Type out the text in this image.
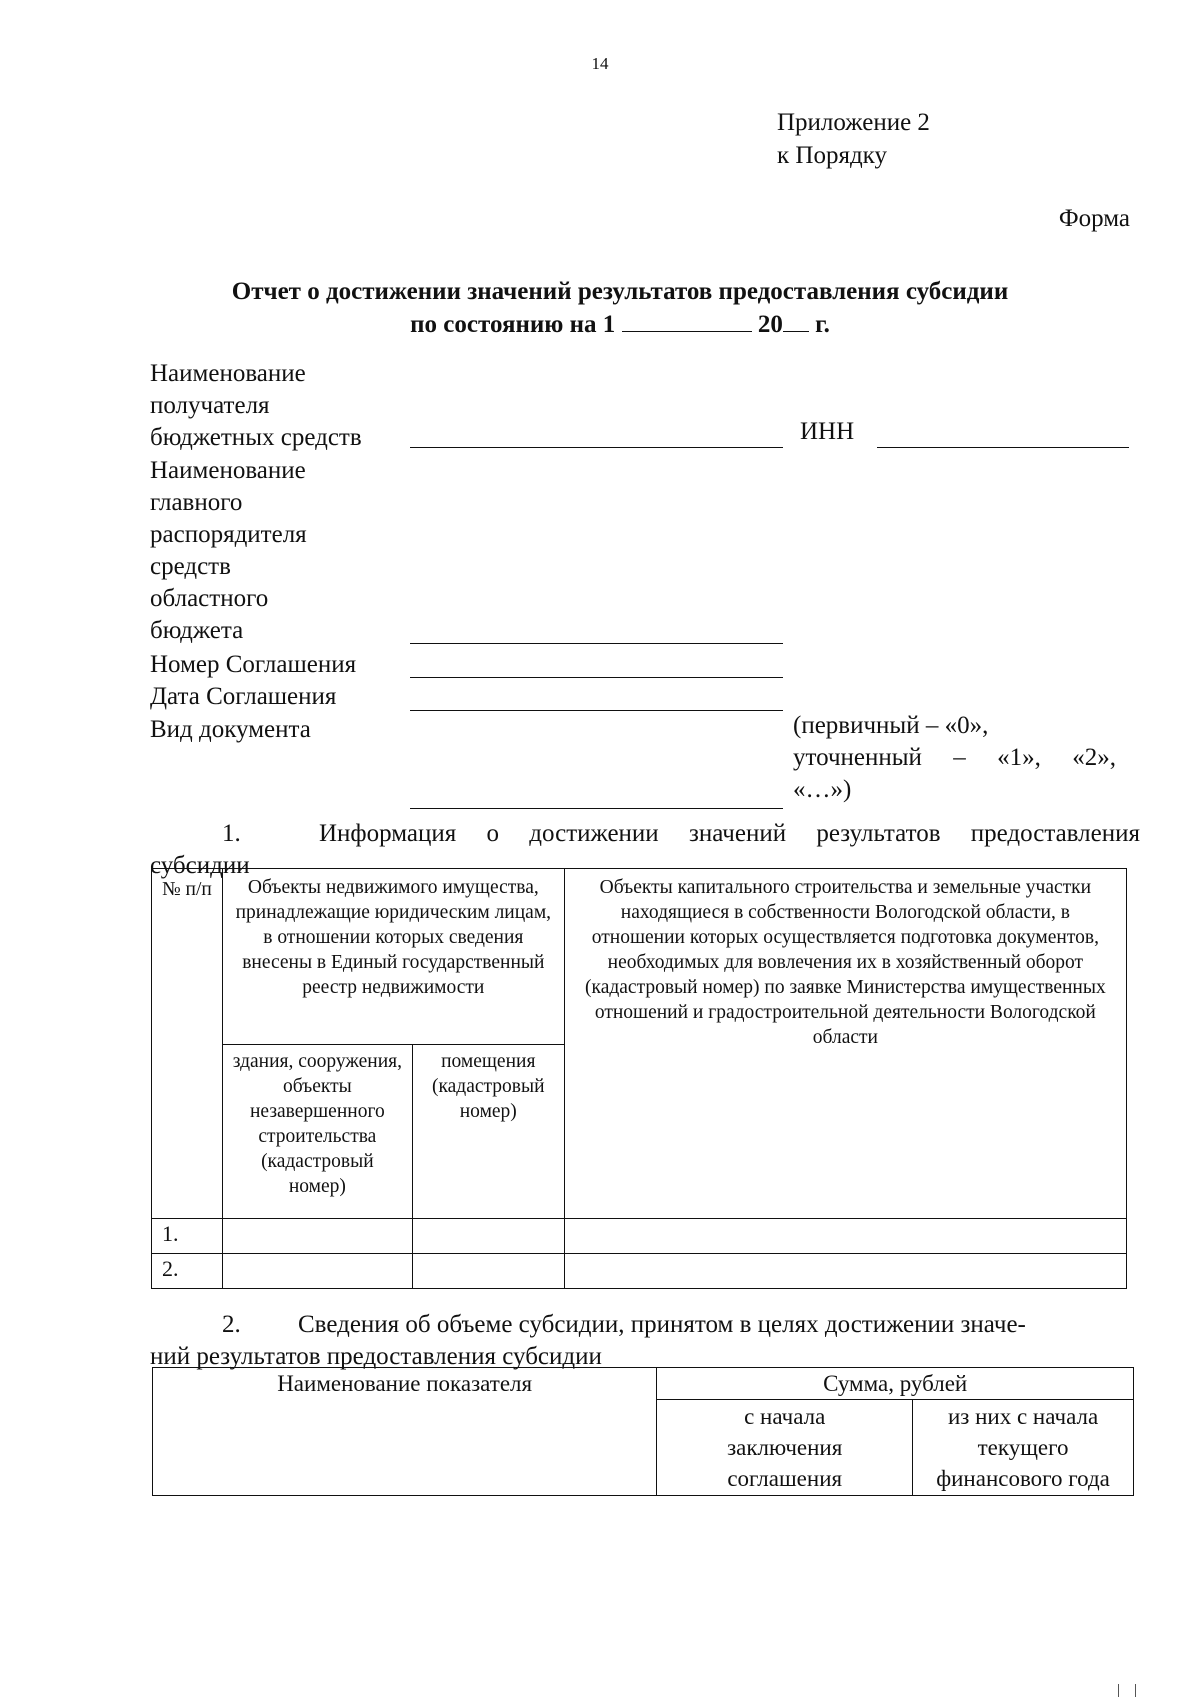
14
Приложение 2
к Порядку
Форма
Отчет о достижении значений результатов предоставления субсидии
по состоянию на 1	20 г.
Наименование
получателя
бюджетных средств	ИНН
Наименование
главного
распорядителя
средств
областного
бюджета
Номер Соглашения
Дата Соглашения
Вид документа	(первичный – «0»,
уточненный – «1», «2»,
«…»)
1.	Информация о достижении значений результатов предоставления
субсидии
№ п/п	Объекты недвижимого имущества, принадлежащие юридическим лицам, в отношении которых сведения внесены в Единый государственный реестр недвижимости		Объекты капитального строительства и земельные участки находящиеся в собственности Вологодской области, в отношении которых осуществляется подготовка документов, необходимых для вовлечения их в хозяйственный оборот (кадастровый номер) по заявке Министерства имущественных отношений и градостроительной деятельности Вологодской области
	здания, сооружения, объекты незавершенного строительства (кадастровый номер)	помещения (кадастровый номер)	
1.			
2.			
2. Сведения об объеме субсидии, принятом в целях достижении значе-
ний результатов предоставления субсидии
Наименование показателя	Сумма, рублей	
	с начала заключения соглашения	из них с начала текущего финансового года
